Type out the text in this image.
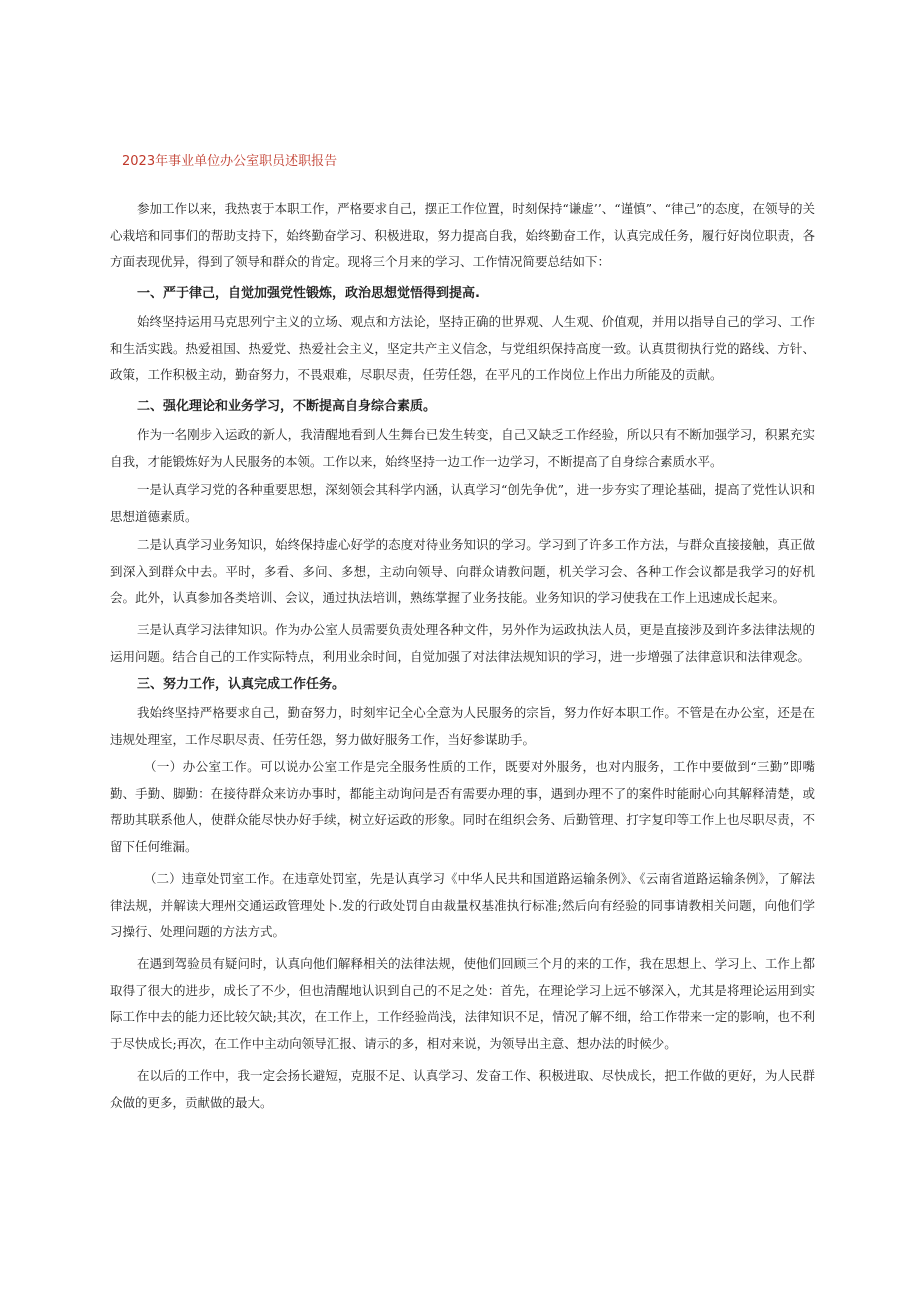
2023年事业单位办公室职员述职报告

参加工作以来，我热衷于本职工作，严格要求自己，摆正工作位置，时刻保持“谦虚’’、“谨慎”、“律己”的态度，在领导的关心栽培和同事们的帮助支持下，始终勤奋学习、积极进取，努力提高自我，始终勤奋工作，认真完成任务，履行好岗位职责，各方面表现优异，得到了领导和群众的肯定。现将三个月来的学习、工作情况简要总结如下：

一、严于律己，自觉加强党性锻炼，政治思想觉悟得到提高.

始终坚持运用马克思列宁主义的立场、观点和方法论，坚持正确的世界观、人生观、价值观，并用以指导自己的学习、工作和生活实践。热爱祖国、热爱党、热爱社会主义，坚定共产主义信念，与党组织保持高度一致。认真贯彻执行党的路线、方针、政策，工作积极主动，勤奋努力，不畏艰难，尽职尽责，任劳任怨，在平凡的工作岗位上作出力所能及的贡献。

二、强化理论和业务学习，不断提高自身综合素质。

作为一名刚步入运政的新人，我清醒地看到人生舞台已发生转变，自己又缺乏工作经验，所以只有不断加强学习，积累充实自我，才能锻炼好为人民服务的本领。工作以来，始终坚持一边工作一边学习，不断提高了自身综合素质水平。

一是认真学习党的各种重要思想，深刻领会其科学内涵，认真学习“创先争优”，进一步夯实了理论基础，提高了党性认识和思想道德素质。

二是认真学习业务知识，始终保持虚心好学的态度对待业务知识的学习。学习到了许多工作方法，与群众直接接触，真正做到深入到群众中去。平时，多看、多问、多想，主动向领导、向群众请教问题，机关学习会、各种工作会议都是我学习的好机会。此外，认真参加各类培训、会议，通过执法培训，熟练掌握了业务技能。业务知识的学习使我在工作上迅速成长起来。

三是认真学习法律知识。作为办公室人员需要负责处理各种文件，另外作为运政执法人员，更是直接涉及到许多法律法规的运用问题。结合自己的工作实际特点，利用业余时间，自觉加强了对法律法规知识的学习，进一步增强了法律意识和法律观念。

三、努力工作，认真完成工作任务。

我始终坚持严格要求自己，勤奋努力，时刻牢记全心全意为人民服务的宗旨，努力作好本职工作。不管是在办公室，还是在违规处理室，工作尽职尽责、任劳任怨，努力做好服务工作，当好参谋助手。

（一）办公室工作。可以说办公室工作是完全服务性质的工作，既要对外服务，也对内服务，工作中要做到“三勤”即嘴勤、手勤、脚勤：在接待群众来访办事时，都能主动询问是否有需要办理的事，遇到办理不了的案件时能耐心向其解释清楚，或帮助其联系他人，使群众能尽快办好手续，树立好运政的形象。同时在组织会务、后勤管理、打字复印等工作上也尽职尽责，不留下任何维漏。

（二）违章处罚室工作。在违章处罚室，先是认真学习《中华人民共和国道路运输条例》、《云南省道路运输条例》，了解法律法规，并解读大理州交通运政管理处卜.发的行政处罚自由裁量权基准执行标准;然后向有经验的同事请教相关问题，向他们学习操行、处理问题的方法方式。

在遇到驾验员有疑问时，认真向他们解释相关的法律法规，使他们回顾三个月的来的工作，我在思想上、学习上、工作上都取得了很大的进步，成长了不少，但也清醒地认识到自己的不足之处：首先，在理论学习上远不够深入，尤其是将理论运用到实际工作中去的能力还比较欠缺;其次，在工作上，工作经验尚浅，法律知识不足，情况了解不细，给工作带来一定的影响，也不利于尽快成长;再次，在工作中主动向领导汇报、请示的多，相对来说，为领导出主意、想办法的时候少。

在以后的工作中，我一定会扬长避短，克服不足、认真学习、发奋工作、积极进取、尽快成长，把工作做的更好，为人民群众做的更多，贡献做的最大。
